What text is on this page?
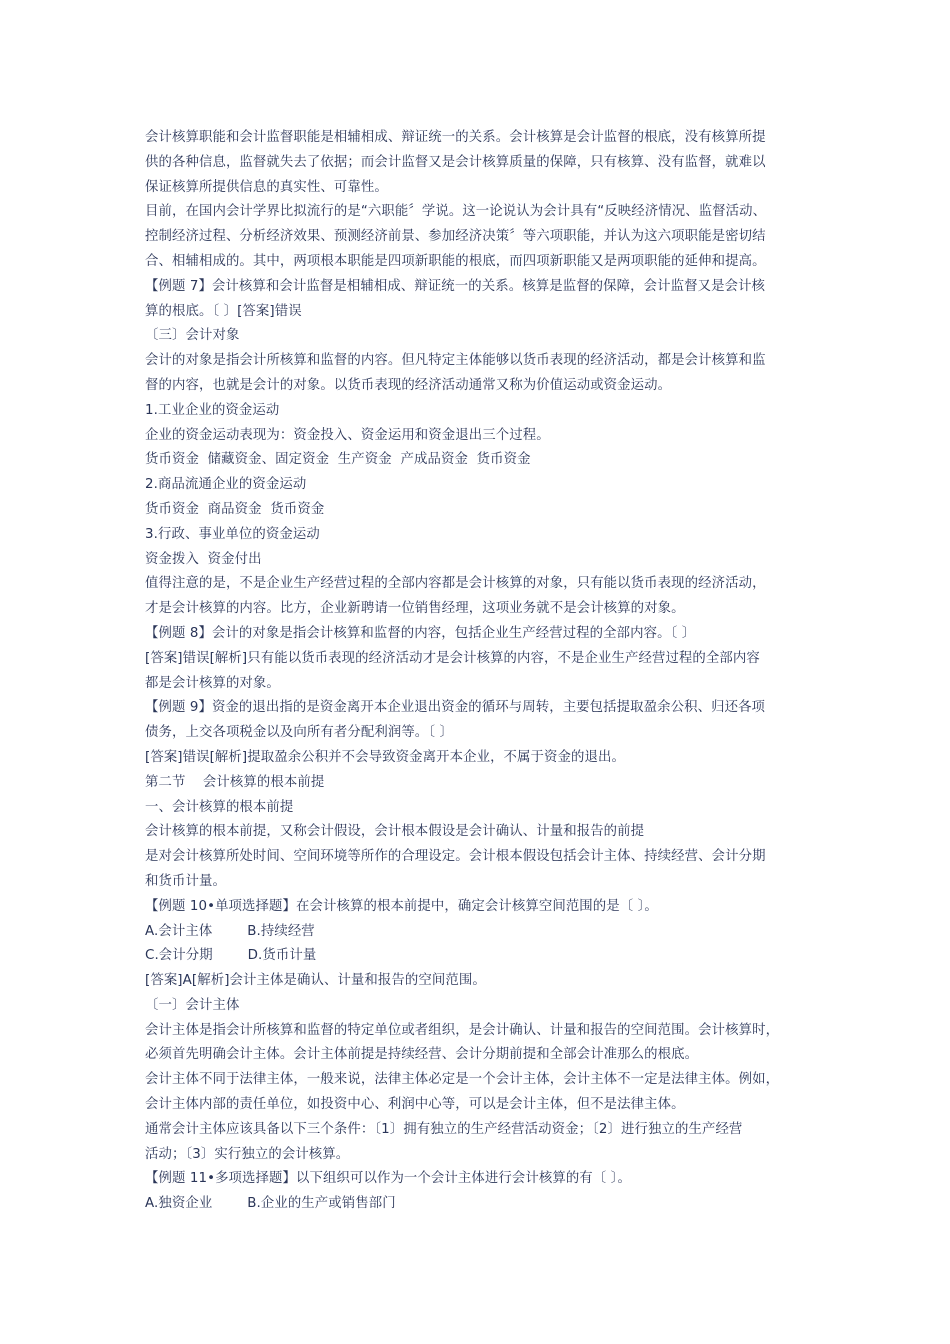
会计核算职能和会计监督职能是相辅相成、辩证统一的关系。会计核算是会计监督的根底，没有核算所提
供的各种信息，监督就失去了依据；而会计监督又是会计核算质量的保障，只有核算、没有监督，就难以
保证核算所提供信息的真实性、可靠性。
目前，在国内会计学界比拟流行的是“六职能〞学说。这一论说认为会计具有“反映经济情况、监督活动、
控制经济过程、分析经济效果、预测经济前景、参加经济决策〞等六项职能，并认为这六项职能是密切结
合、相辅相成的。其中，两项根本职能是四项新职能的根底，而四项新职能又是两项职能的延伸和提高。
【例题 7】会计核算和会计监督是相辅相成、辩证统一的关系。核算是监督的保障，会计监督又是会计核
算的根底。〔 〕[答案]错误
〔三〕会计对象
会计的对象是指会计所核算和监督的内容。但凡特定主体能够以货币表现的经济活动，都是会计核算和监
督的内容，也就是会计的对象。以货币表现的经济活动通常又称为价值运动或资金运动。
1.工业企业的资金运动
企业的资金运动表现为：资金投入、资金运用和资金退出三个过程。
货币资金  储藏资金、固定资金  生产资金  产成品资金  货币资金
2.商品流通企业的资金运动
货币资金  商品资金  货币资金
3.行政、事业单位的资金运动
资金拨入  资金付出
值得注意的是，不是企业生产经营过程的全部内容都是会计核算的对象，只有能以货币表现的经济活动，
才是会计核算的内容。比方，企业新聘请一位销售经理，这项业务就不是会计核算的对象。
【例题 8】会计的对象是指会计核算和监督的内容，包括企业生产经营过程的全部内容。〔 〕
[答案]错误[解析]只有能以货币表现的经济活动才是会计核算的内容，不是企业生产经营过程的全部内容
都是会计核算的对象。
【例题 9】资金的退出指的是资金离开本企业退出资金的循环与周转，主要包括提取盈余公积、归还各项
债务，上交各项税金以及向所有者分配利润等。〔 〕
[答案]错误[解析]提取盈余公积并不会导致资金离开本企业，不属于资金的退出。
第二节    会计核算的根本前提
一、会计核算的根本前提
会计核算的根本前提，又称会计假设，会计根本假设是会计确认、计量和报告的前提
是对会计核算所处时间、空间环境等所作的合理设定。会计根本假设包括会计主体、持续经营、会计分期
和货币计量。
【例题 10•单项选择题】在会计核算的根本前提中，确定会计核算空间范围的是〔 〕。
A.会计主体        B.持续经营
C.会计分期        D.货币计量
[答案]A[解析]会计主体是确认、计量和报告的空间范围。
〔一〕会计主体
会计主体是指会计所核算和监督的特定单位或者组织，是会计确认、计量和报告的空间范围。会计核算时，
必须首先明确会计主体。会计主体前提是持续经营、会计分期前提和全部会计准那么的根底。
会计主体不同于法律主体，一般来说，法律主体必定是一个会计主体，会计主体不一定是法律主体。例如，
会计主体内部的责任单位，如投资中心、利润中心等，可以是会计主体，但不是法律主体。
通常会计主体应该具备以下三个条件：〔1〕拥有独立的生产经营活动资金；〔2〕进行独立的生产经营
活动；〔3〕实行独立的会计核算。
【例题 11•多项选择题】以下组织可以作为一个会计主体进行会计核算的有〔 〕。
A.独资企业        B.企业的生产或销售部门
